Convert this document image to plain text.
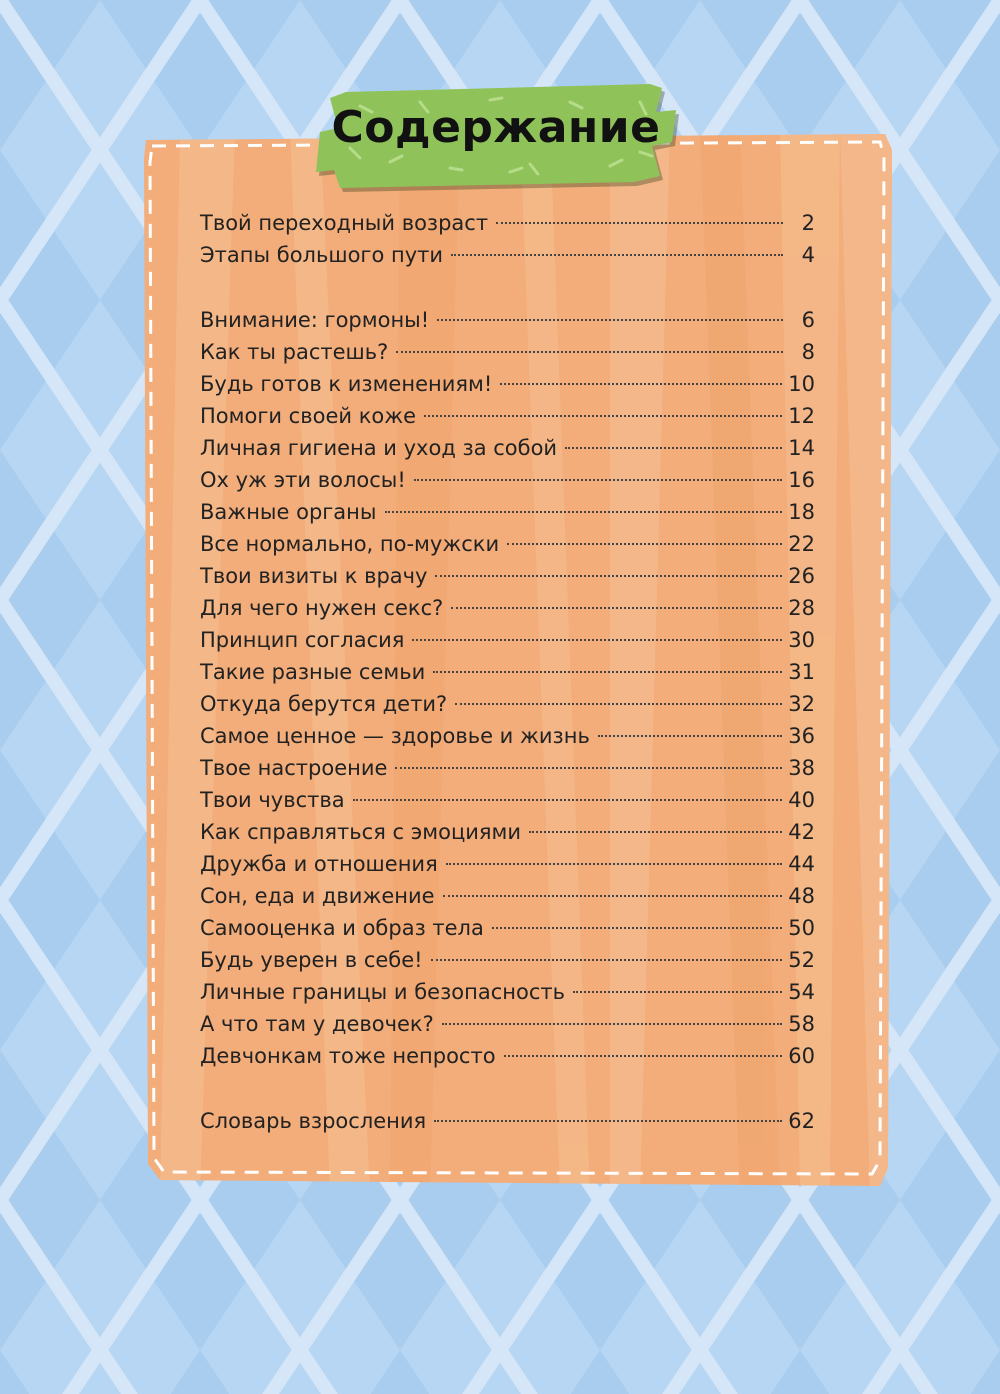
Содержание
Твой переходный возраст	2
Этапы большого пути	4
Внимание: гормоны!	6
Как ты растешь?	8
Будь готов к изменениям!	10
Помоги своей коже	12
Личная гигиена и уход за собой	14
Ох уж эти волосы!	16
Важные органы	18
Все нормально, по-мужски	22
Твои визиты к врачу	26
Для чего нужен секс?	28
Принцип согласия	30
Такие разные семьи	31
Откуда берутся дети?	32
Самое ценное — здоровье и жизнь	36
Твое настроение	38
Твои чувства	40
Как справляться с эмоциями	42
Дружба и отношения	44
Сон, еда и движение	48
Самооценка и образ тела	50
Будь уверен в себе!	52
Личные границы и безопасность	54
А что там у девочек?	58
Девчонкам тоже непросто	60
Словарь взросления	62
